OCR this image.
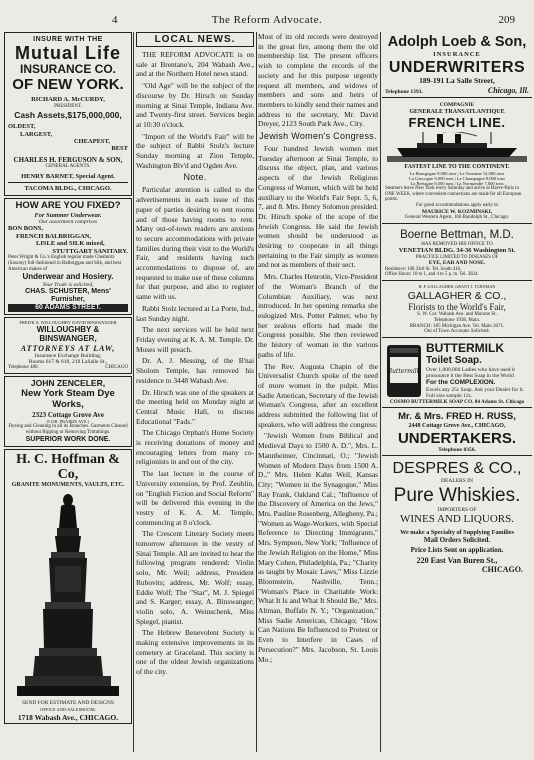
4	The Reform Advocate.	209
INSURE WITH THE
Mutual Life
INSURANCE CO.
OF NEW YORK.
RICHARD A. McCURDY,
PRESIDENT.
Cash Assets,$175,000,000,
OLDEST,
LARGEST,
CHEAPEST,
BEST
CHARLES H. FERGUSON & SON,
GENERAL AGENTS.
HENRY BARNET, Special Agent.
TACOMA BLDG., CHICAGO.
HOW ARE YOU FIXED?
For Summer Underwear.
Our assortment comprises
BON BONS,
FRENCH BALBRIGGAN,
LISLE and SILK mixed,
STUTTGART SANITARY.
Peter Wright & Co.'s English regular made Chemnitz (Saxony) full-fashioned in Balbriggan and Silk, and best American makes of
Underwear and Hosiery.
Your Trade is solicited,
CHAS. SCHUSTER, Mens' Furnisher,
60 ADAMS STREET.
FRED'K S. WILLOUGHBY DAVID BINSWANGER
WILLOUGHBY & BINSWANGER,
ATTORNEYS AT LAW,
Insurance Exchange Building,
Rooms 617 & 618, 218 LaSalle St.,
Telephone 480.	CHICAGO
JOHN ZENCELER,
New York Steam Dye Works,
2323 Cottage Grove Ave
(COR. PRAIRIE AVE.)
Dyeing and Cleaning in all its Branches. Garments Cleaned without Ripping or Removing Trimmings.
SUPERIOR WORK DONE.
H. C. Hoffman & Co,
GRANITE MONUMENTS, VAULTS, ETC.
SEND FOR ESTIMATE AND DESIGNS
OFFICE AND SALESROOM:
1718 Wabash Ave., CHICAGO.
LOCAL NEWS.

THE REFORM ADVOCATE is on sale at Brentano's, 204 Wabash Ave., and at the Northern Hotel news stand.

"Old Age" will be the subject of the discourse by Dr. Hirsch on Sunday morning at Sinai Temple, Indiana Ave. and Twenty-first street. Services begin at 10:30 o'clock.

"Import of the World's Fair" will be the subject of Rabbi Stolz's lecture Sunday morning at Zion Temple, Washington Blv'd and Ogden Ave.

Note.

Particular attention is called to the advertisements in each issue of this paper of parties desiring to rent rooms and of those having rooms to rent. Many out-of-town readers are anxious to secure accommodations with private families during their visit to the World's Fair, and residents having such accommodations to dispose of, are requested to make use of these columns for that purpose, and also to register same with us.

Rabbi Stolz lectured at La Porte, Ind., last Sunday night.

The next services will be held next Friday evening at K. A. M. Temple. Dr. Moses will preach.

Dr. A. J. Messing, of the B'nai Sholom Temple, has removed his residence to 3448 Wabash Ave.

Dr. Hirsch was one of the speakers at the meeting held on Monday night at Central Music Hall, to discuss Educational "Fads."

The Chicago Orphan's Home Society is receiving donations of money and encouraging letters from many co-religionists in and out of the city.

The last lecture in the course of University extension, by Prof. Zeublin, on "English Fiction and Social Reform" will be delivered this evening in the vestry of K. A. M. Temple, commencing at 8 o'clock.

The Crescent Literary Society meets tomorrow afternoon in the vestry of Sinai Temple. All are invited to hear the following program rendered: Violin solo, Mr. Weil; address, President Rubovits; address, Mr. Wolf; essay, Eddie Wolf; The "Star", M. J. Spiegel and S. Karger; essay, A. Binswanger; violin solo, A. Weinschenk, Miss Spiegel, pianist.

The Hebrew Benevolent Society is making extensive improvements in its cemetery at Graceland. This society is one of the oldest Jewish organizations of the city.

Most of its old records were destroyed in the great fire, among them the old membership list. The present officers wish to complete the records of the society and for this purpose urgently request all members, and widows of members and sons and heirs of members to kindly send their names and address to the secretary, Mr. David Dreyer, 2123 South Park Ave., City.

Jewish Women's Congress.

Four hundred Jewish women met Tuesday afternoon at Sinai Temple, to discuss the object, plan, and various aspects of the Jewish Religious Congress of Women, which will be held auxiliary to the World's Fair Sept. 5, 6, 7, and 8. Mrs. Henry Solomon presided. Dr. Hirsch spoke of the scope of the Jewish Congress. He said the Jewish women should be understood as desiring to cooperate in all things pertaining to the Fair simply as women and not as members of their sect.

Mrs. Charles Henrotin, Vice-President of the Woman's Branch of the Columbian Auxiliary, was next introduced. In her opening remarks she eulogized Mrs. Potter Palmer, who by her zealous efforts had made the Congress possible. She then reviewed the history of woman in the various paths of life.

The Rev. Augusta Chapin of the Universalist Church spoke of the need of more women in the pulpit. Miss Sadie American, Secretary of the Jewish Woman's Congress, after an excellent address submitted the following list of speakers, who will address the congress:

"Jewish Women from Biblical and Medieval Days to 1500 A. D.", Mrs. L. Mannheimer, Cincinnati, O.; "Jewish Women of Modern Days from 1500 A. D.," Mrs. Helen Kahn Weil, Kansas City; "Women in the Synagogue," Miss Ray Frank, Oakland Cal.; "Influence of the Discovery of America on the Jews," Mrs. Pauline Rosenberg, Allegheny, Pa.; "Women as Wage-Workers, with Special Reference to Directing Immigrants," Mrs. Sympson, New York; "Influence of the Jewish Religion on the Home," Miss Mary Cohen, Philadelphia, Pa.; "Charity as taught by Mosaic Laws," Miss Lizzie Bloomstein, Nashville, Tenn.; "Woman's Place in Charitable Work: What It Is and What It Should Be," Mrs. Altman, Buffalo N. Y.; "Organization," Miss Sadie American, Chicago; "How Can Nations Be Influenced to Protest or Even to Interfere in Cases of Persecution?" Mrs. Jacobson, St. Louis Mo.;

Adolph Loeb & Son,
INSURANCE
UNDERWRITERS
189-191 La Salle Street,
Telephone 1393.	Chicago, Ill.
COMPAGNIE
GENERALE TRANSATLANTIQUE
FRENCH LINE.
FASTEST LINE TO THE CONTINENT.
La Bourgogne 9,000 tons | La Touraine 12,000 tons
La Gascogne 9,000 tons | La Champagne 8,000 tons
La Bretagne 8,000 tons | La Normandie 7,000 tons
Steamers leave New York every Saturday and arrive at Havre-Paris in ONE WEEK, where convenient connections are made for all European points.
For good accommodations apply early to
MAURICE W. KOZMINSKI,
General Western Agent, 166 Randolph St., Chicago.
Boerne Bettman, M.D.
HAS REMOVED HIS OFFICE TO
VENETIAN BLDG. 34-36 Washington St.
PRACTICE LIMITED TO DISEASES OF
EYE, EAR AND NOSE.
Residence: 108 33rd St. Tel. South 416.
Office Hours: 10 to 1, and 4 to 5 p. m. Tel. 3834.
R. F. GALLAGHER. GRANT J. TURNMAN
GALLAGHER & CO.,
Florists to the World's Fair,
S. W. Cor. Wabash Ave. and Monroe St.
Telephone 1938, Main.
BRANCH: 185 Michigan Ave. Tel. Main 3671.
Out of Town Accounts Solicited.
Buttermilk
BUTTERMILK
Toilet Soap.
Over 1,000,000 Ladies who have used it pronounce it the Best Soap in the World
For the COMPLEXION.
Excels any 25c Soap. Ask your Dealer for it. Full size sample 12c.
COSMO BUTTERMILK SOAP CO. 84 Adams St. Chicago
Mr. & Mrs. FRED H. RUSS,
2448 Cottage Grove Ave., CHICAGO,
UNDERTAKERS.
Telephone 8356.
DESPRES & CO.,
DEALERS IN
Pure Whiskies.
IMPORTERS OF
WINES AND LIQUORS.
We make a Specialty of Supplying Families
Mail Orders Solicited.
Price Lists Sent on application.
220 East Van Buren St.,
CHICAGO.
